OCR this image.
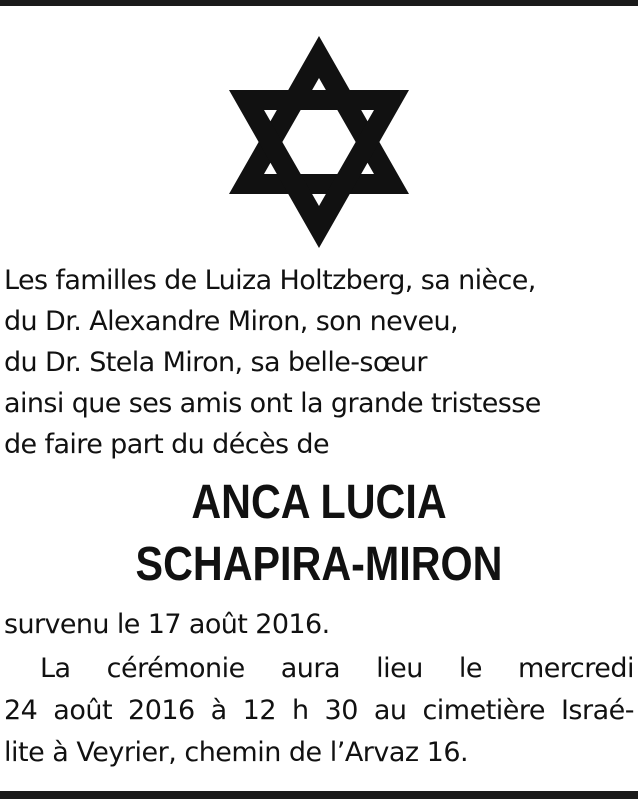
Les familles de Luiza Holtzberg, sa nièce,
du Dr. Alexandre Miron, son neveu,
du Dr. Stela Miron, sa belle-sœur
ainsi que ses amis ont la grande tristesse
de faire part du décès de
ANCA LUCIA
SCHAPIRA-MIRON
survenu le 17 août 2016.
La cérémonie aura lieu le mercredi
24 août 2016 à 12 h 30 au cimetière Israé-
lite à Veyrier, chemin de l’Arvaz 16.
